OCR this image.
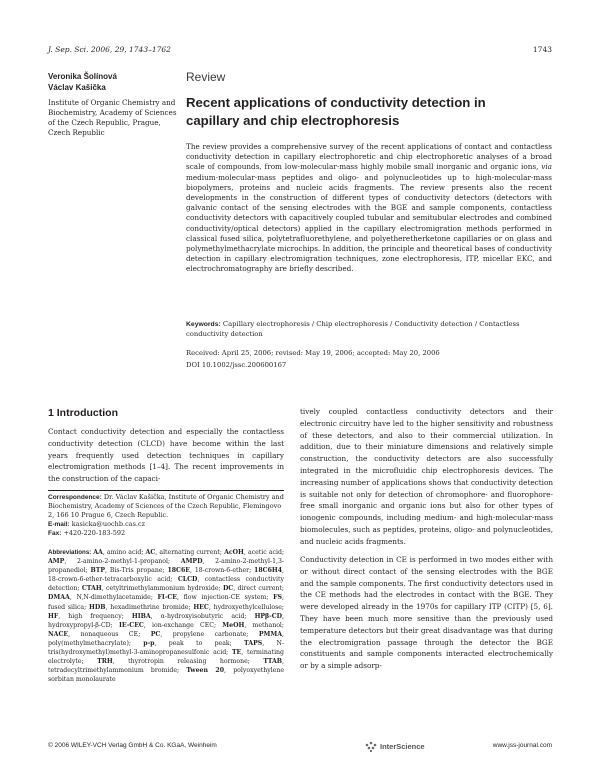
J. Sep. Sci. 2006, 29, 1743–1762	1743
Veronika Šolínová
Václav Kašička
Institute of Organic Chemistry and Biochemistry, Academy of Sciences of the Czech Republic, Prague, Czech Republic
Review
Recent applications of conductivity detection in capillary and chip electrophoresis
The review provides a comprehensive survey of the recent applications of contact and contactless conductivity detection in capillary electrophoretic and chip electrophoretic analyses of a broad scale of compounds, from low-molecular-mass highly mobile small inorganic and organic ions, via medium-molecular-mass peptides and oligo- and polynucleotides up to high-molecular-mass biopolymers, proteins and nucleic acids fragments. The review presents also the recent developments in the construction of different types of conductivity detectors (detectors with galvanic contact of the sensing electrodes with the BGE and sample components, contactless conductivity detectors with capacitively coupled tubular and semitubular electrodes and combined conductivity/optical detectors) applied in the capillary electromigration methods performed in classical fused silica, polytetrafluorethylene, and polyetheretherketone capillaries or on glass and polymethylmethacrylate microchips. In addition, the principle and theoretical bases of conductivity detection in capillary electromigration techniques, zone electrophoresis, ITP, micellar EKC, and electrochromatography are briefly described.
Keywords: Capillary electrophoresis / Chip electrophoresis / Conductivity detection / Contactless conductivity detection
Received: April 25, 2006; revised: May 19, 2006; accepted: May 20, 2006
DOI 10.1002/jssc.200600167
1 Introduction
Contact conductivity detection and especially the contactless conductivity detection (CLCD) have become within the last years frequently used detection techniques in capillary electromigration methods [1–4]. The recent improvements in the construction of the capaci-
Correspondence: Dr. Václav Kašička, Institute of Organic Chemistry and Biochemistry, Academy of Sciences of the Czech Republic, Flemingovo 2, 166 10 Prague 6, Czech Republic.
E-mail: kasicka@uochb.cas.cz
Fax: +420-220-183-592
Abbreviations: AA, amino acid; AC, alternating current; AcOH, acetic acid; AMP, 2-amino-2-methyl-1-propanol; AMPD, 2-amino-2-methyl-1,3-propanediol; BTP, Bis-Tris propane; 18C6E, 18-crown-6-ether; 18C6H4, 18-crown-6-ether-tetracarboxylic acid; CLCD, contactless conductivity detection; CTAH, cetyltrimethylammonium hydroxide; DC, direct current; DMAA, N,N-dimethylacetamide; FI-CE, flow injection-CE system; FS, fused silica; HDB, hexadimethrine bromide; HEC, hydroxyethylcellulose; HF, high frequency; HIBA, α-hydroxyisobutyric acid; HPβ-CD, hydroxypropyl-β-CD; IE-CEC, ion-exchange CEC; MeOH, methanol; NACE, nonaqueous CE; PC, propylene carbonate; PMMA, poly(methylmethacrylate); p-p, peak to peak; TAPS, N-tris(hydroxymethyl)methyl-3-aminopropanesulfonic acid; TE, terminating electrolyte; TRH, thyrotropin releasing hormone; TTAB, tetradecyltrimethylammonium bromide; Tween 20, polyoxyethylene sorbitan monolaurate

tively coupled contactless conductivity detectors and their electronic circuitry have led to the higher sensitivity and robustness of these detectors, and also to their commercial utilization. In addition, due to their miniature dimensions and relatively simple construction, the conductivity detectors are also successfully integrated in the microfluidic chip electrophoresis devices. The increasing number of applications shows that conductivity detection is suitable not only for detection of chromophore- and fluorophore-free small inorganic and organic ions but also for other types of ionogenic compounds, including medium- and high-molecular-mass biomolecules, such as peptides, proteins, oligo- and polynucleotides, and nucleic acids fragments.

Conductivity detection in CE is performed in two modes either with or without direct contact of the sensing electrodes with the BGE and the sample components. The first conductivity detectors used in the CE methods had the electrodes in contact with the BGE. They were developed already in the 1970s for capillary ITP (CITP) [5, 6]. They have been much more sensitive than the previously used temperature detectors but their great disadvantage was that during the electromigration passage through the detector the BGE constituents and sample components interacted electrochemically or by a simple adsorp-

© 2006 WILEY-VCH Verlag GmbH & Co. KGaA, Weinheim	InterScience	www.jss-journal.com
